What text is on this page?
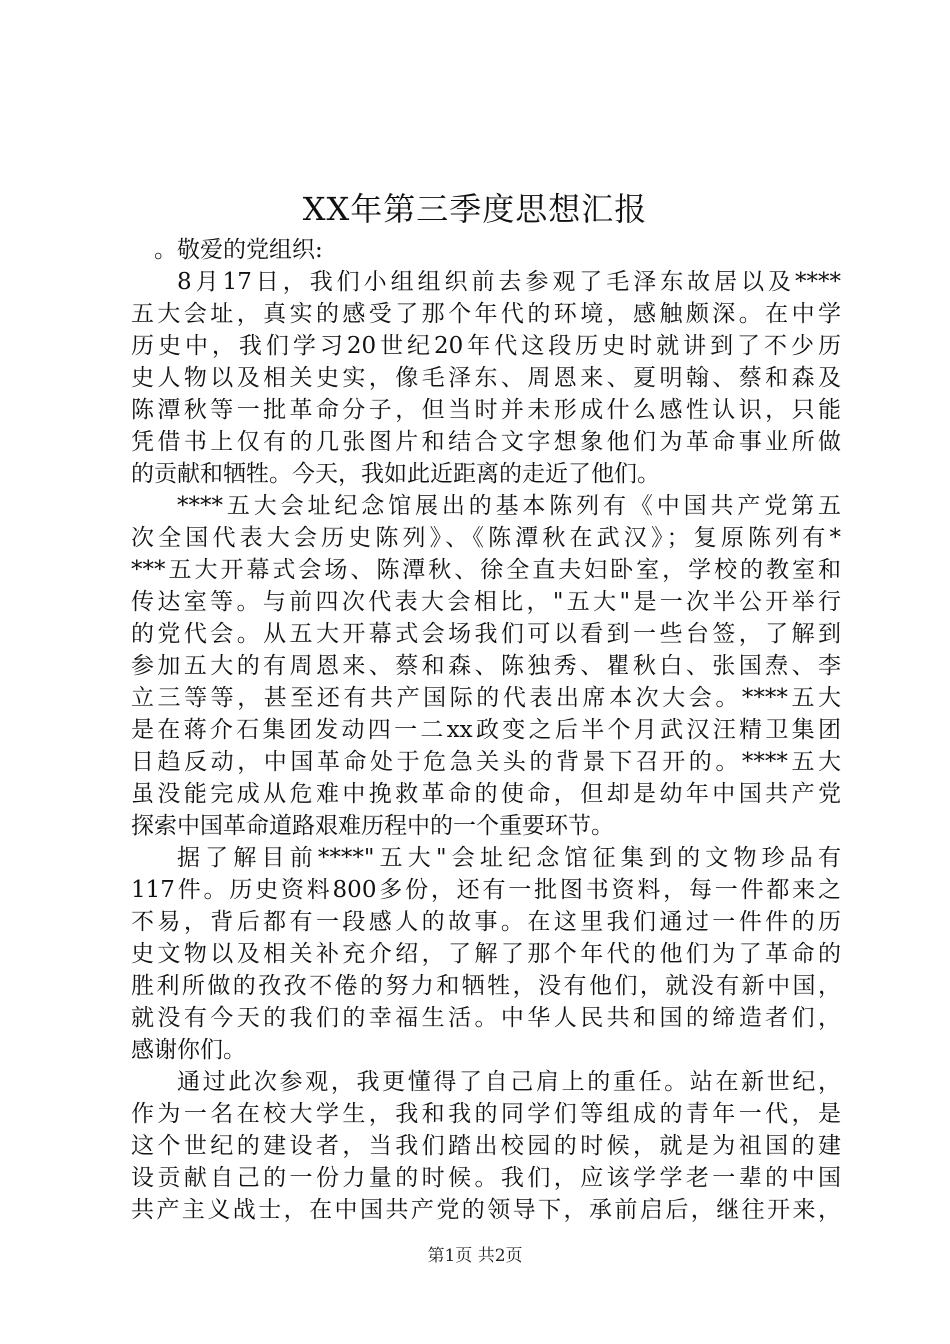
XX年第三季度思想汇报
。敬爱的党组织:
8月17日，我们小组组织前去参观了毛泽东故居以及****
五大会址，真实的感受了那个年代的环境，感触颇深。在中学
历史中，我们学习20世纪20年代这段历史时就讲到了不少历
史人物以及相关史实，像毛泽东、周恩来、夏明翰、蔡和森及
陈潭秋等一批革命分子，但当时并未形成什么感性认识，只能
凭借书上仅有的几张图片和结合文字想象他们为革命事业所做
的贡献和牺牲。今天，我如此近距离的走近了他们。
****五大会址纪念馆展出的基本陈列有《中国共产党第五
次全国代表大会历史陈列》、《陈潭秋在武汉》；复原陈列有*
***五大开幕式会场、陈潭秋、徐全直夫妇卧室，学校的教室和
传达室等。与前四次代表大会相比，"五大"是一次半公开举行
的党代会。从五大开幕式会场我们可以看到一些台签，了解到
参加五大的有周恩来、蔡和森、陈独秀、瞿秋白、张国焘、李
立三等等，甚至还有共产国际的代表出席本次大会。****五大
是在蒋介石集团发动四一二xx政变之后半个月武汉汪精卫集团
日趋反动，中国革命处于危急关头的背景下召开的。****五大
虽没能完成从危难中挽救革命的使命，但却是幼年中国共产党
探索中国革命道路艰难历程中的一个重要环节。
据了解目前****"五大"会址纪念馆征集到的文物珍品有
117件。历史资料800多份，还有一批图书资料，每一件都来之
不易，背后都有一段感人的故事。在这里我们通过一件件的历
史文物以及相关补充介绍，了解了那个年代的他们为了革命的
胜利所做的孜孜不倦的努力和牺牲，没有他们，就没有新中国，
就没有今天的我们的幸福生活。中华人民共和国的缔造者们，
感谢你们。
通过此次参观，我更懂得了自己肩上的重任。站在新世纪，
作为一名在校大学生，我和我的同学们等组成的青年一代，是
这个世纪的建设者，当我们踏出校园的时候，就是为祖国的建
设贡献自己的一份力量的时候。我们，应该学学老一辈的中国
共产主义战士，在中国共产党的领导下，承前启后，继往开来，
第1页 共2页
